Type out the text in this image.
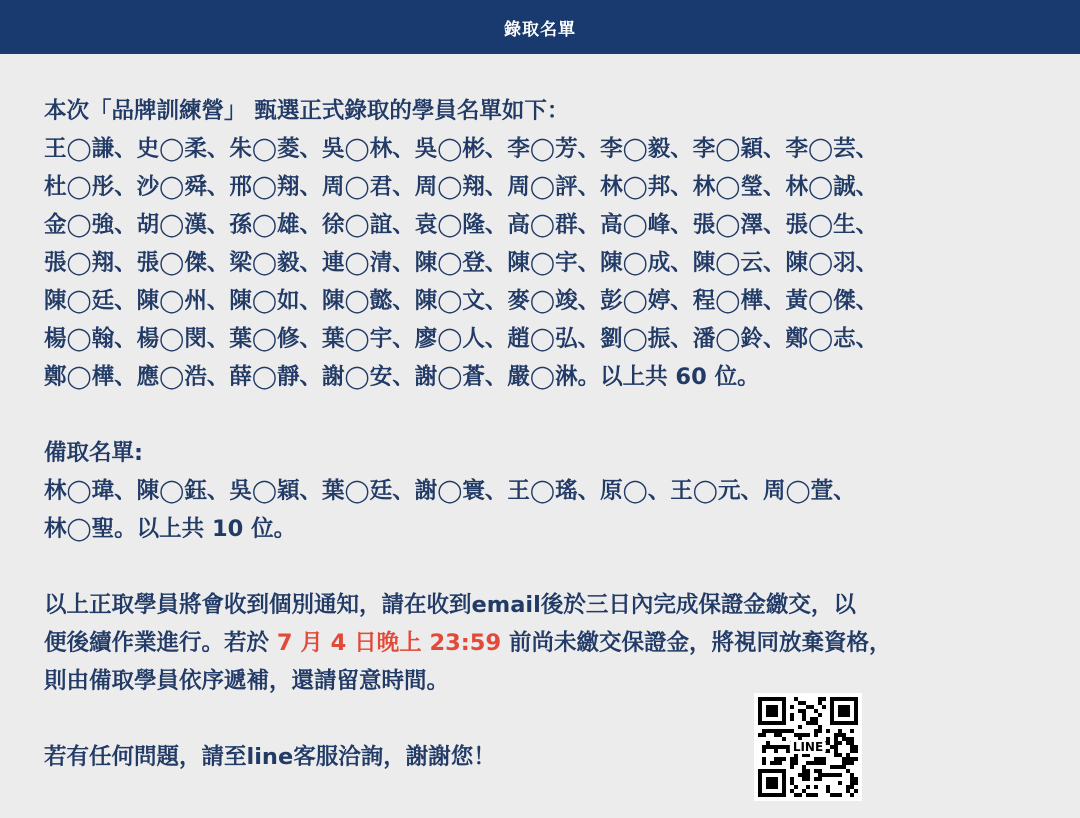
錄取名單
本次「品牌訓練營」 甄選正式錄取的學員名單如下：
王◯謙、史◯柔、朱◯菱、吳◯林、吳◯彬、李◯芳、李◯毅、李◯穎、李◯芸、
杜◯彤、沙◯舜、邢◯翔、周◯君、周◯翔、周◯評、林◯邦、林◯瑩、林◯誠、
金◯強、胡◯漢、孫◯雄、徐◯誼、袁◯隆、高◯群、高◯峰、張◯澤、張◯生、
張◯翔、張◯傑、梁◯毅、連◯清、陳◯登、陳◯宇、陳◯成、陳◯云、陳◯羽、
陳◯廷、陳◯州、陳◯如、陳◯懿、陳◯文、麥◯竣、彭◯婷、程◯樺、黃◯傑、
楊◯翰、楊◯閔、葉◯修、葉◯宇、廖◯人、趙◯弘、劉◯振、潘◯鈴、鄭◯志、
鄭◯樺、應◯浩、薛◯靜、謝◯安、謝◯蒼、嚴◯淋。以上共 60 位。
備取名單:
林◯瑋、陳◯鈺、吳◯穎、葉◯廷、謝◯寰、王◯瑤、原◯、王◯元、周◯萱、
林◯聖。以上共 10 位。
以上正取學員將會收到個別通知，請在收到email後於三日內完成保證金繳交，以
便後續作業進行。若於 7 月 4 日晚上 23:59 前尚未繳交保證金，將視同放棄資格，
則由備取學員依序遞補，還請留意時間。
若有任何問題，請至line客服洽詢，謝謝您！	LINE
